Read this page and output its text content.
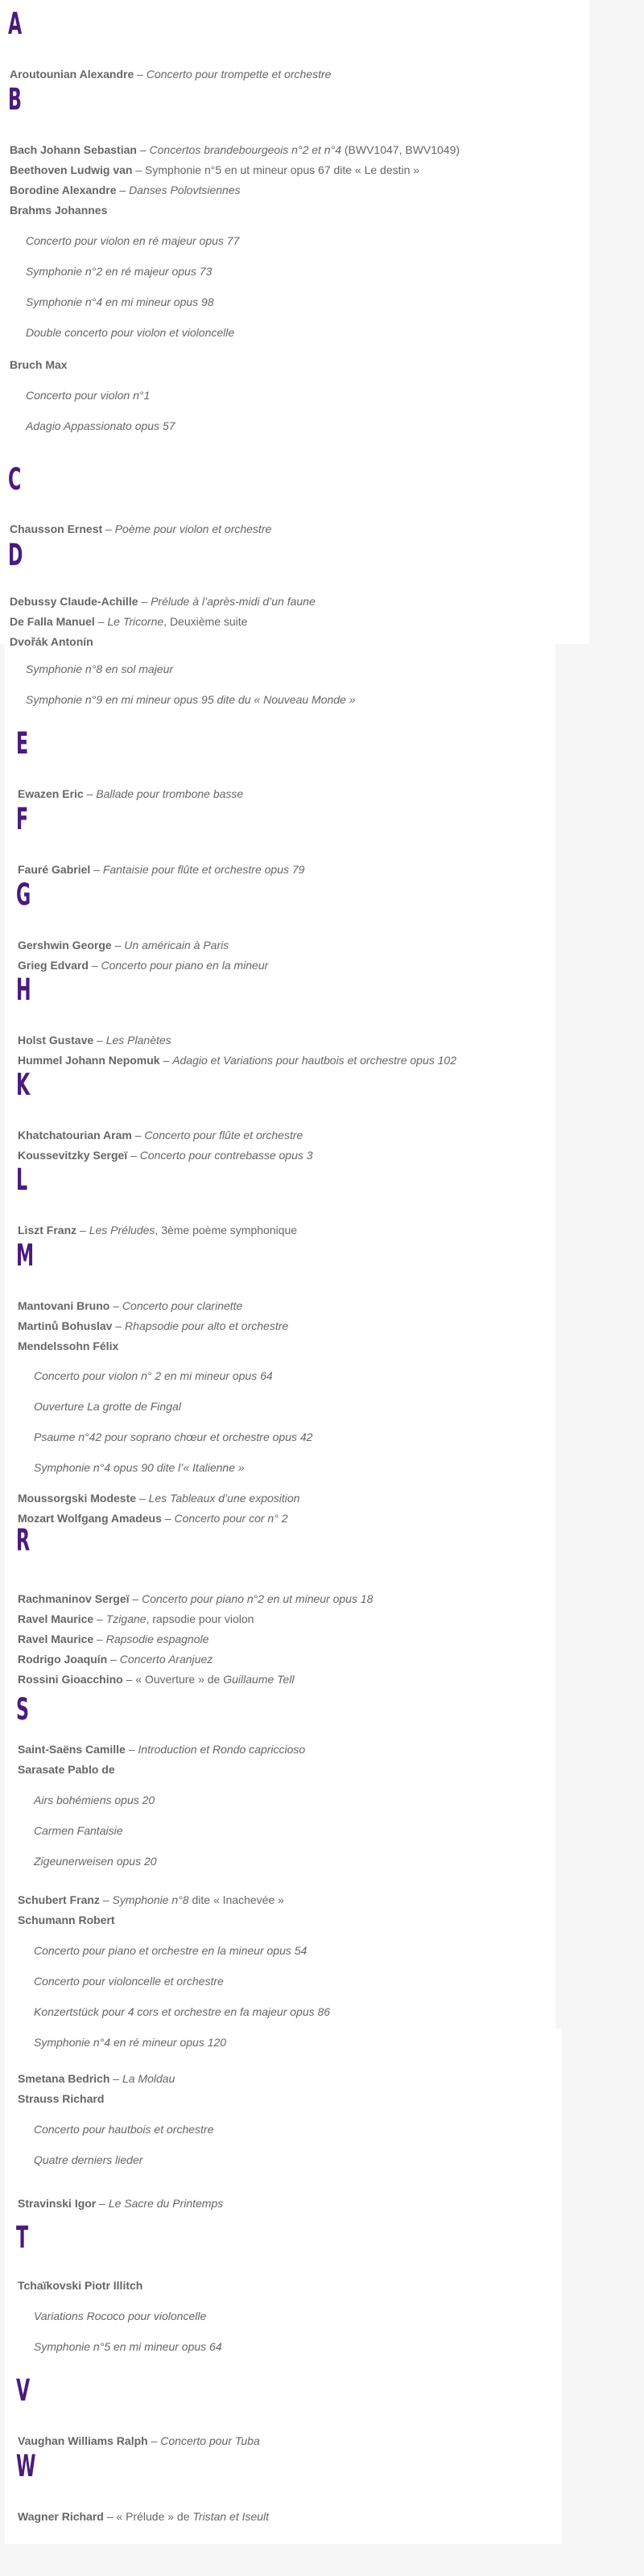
A
Aroutounian Alexandre – Concerto pour trompette et orchestre
B
Bach Johann Sebastian – Concertos brandebourgeois n°2 et n°4 (BWV1047, BWV1049)
Beethoven Ludwig van – Symphonie n°5 en ut mineur opus 67 dite « Le destin »
Borodine Alexandre – Danses Polovtsiennes
Brahms Johannes
Concerto pour violon en ré majeur opus 77
Symphonie n°2 en ré majeur opus 73
Symphonie n°4 en mi mineur opus 98
Double concerto pour violon et violoncelle
Bruch Max
Concerto pour violon n°1
Adagio Appassionato opus 57
C
Chausson Ernest – Poème pour violon et orchestre
D
Debussy Claude-Achille – Prélude à l’après-midi d’un faune
De Falla Manuel – Le Tricorne, Deuxième suite
Dvořák Antonín
Symphonie n°8 en sol majeur
Symphonie n°9 en mi mineur opus 95 dite du « Nouveau Monde »
E
Ewazen Eric – Ballade pour trombone basse
F
Fauré Gabriel – Fantaisie pour flûte et orchestre opus 79
G
Gershwin George – Un américain à Paris
Grieg Edvard – Concerto pour piano en la mineur
H
Holst Gustave – Les Planètes
Hummel Johann Nepomuk – Adagio et Variations pour hautbois et orchestre opus 102
K
Khatchatourian Aram – Concerto pour flûte et orchestre
Koussevitzky Sergeï – Concerto pour contrebasse opus 3
L
Liszt Franz – Les Préludes, 3ème poème symphonique
M
Mantovani Bruno – Concerto pour clarinette
Martinů Bohuslav – Rhapsodie pour alto et orchestre
Mendelssohn Félix
Concerto pour violon n° 2 en mi mineur opus 64
Ouverture La grotte de Fingal
Psaume n°42 pour soprano chœur et orchestre opus 42
Symphonie n°4 opus 90 dite l’« Italienne »
Moussorgski Modeste – Les Tableaux d’une exposition
Mozart Wolfgang Amadeus – Concerto pour cor n° 2
R
Rachmaninov Sergeï – Concerto pour piano n°2 en ut mineur opus 18
Ravel Maurice – Tzigane, rapsodie pour violon
Ravel Maurice – Rapsodie espagnole
Rodrigo Joaquín – Concerto Aranjuez
Rossini Gioacchino – « Ouverture » de Guillaume Tell
S
Saint-Saëns Camille – Introduction et Rondo capriccioso
Sarasate Pablo de
Airs bohémiens opus 20
Carmen Fantaisie
Zigeunerweisen opus 20
Schubert Franz – Symphonie n°8 dite « Inachevée »
Schumann Robert
Concerto pour piano et orchestre en la mineur opus 54
Concerto pour violoncelle et orchestre
Konzertstück pour 4 cors et orchestre en fa majeur opus 86
Symphonie n°4 en ré mineur opus 120
Smetana Bedrich – La Moldau
Strauss Richard
Concerto pour hautbois et orchestre
Quatre derniers lieder
Stravinski Igor – Le Sacre du Printemps
T
Tchaïkovski Piotr Illitch
Variations Rococo pour violoncelle
Symphonie n°5 en mi mineur opus 64
V
Vaughan Williams Ralph – Concerto pour Tuba
W
Wagner Richard – « Prélude » de Tristan et Iseult
